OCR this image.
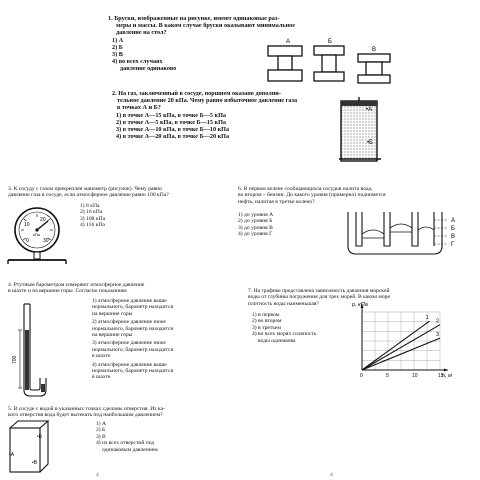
1. Бруски, изображенные на рисунке, имеют одинаковые раз-
меры и массы. В каком случае бруски оказывают минимальное
давление на стол?
1) А
2) Б
3) В
4) во всех случаях
давление одинаково
А	Б
В
2. На газ, заключенный в сосуде, поршнем оказано дополни-
тельное давление 20 кПа. Чему равно избыточное давление газа
в точках А и Б?
1) в точке А—15 кПа, в точке Б—5 кПа
2) в точке А—5 кПа, в точке Б—15 кПа
3) в точке А—10 кПа, в точке Б—10 кПа
4) в точке А—20 кПа, в точке Б—20 кПа
•А
•Б
3. К сосуду с газом прикреплен манометр (рисунок). Чему равно
давление газа в сосуде, если атмосферное давление равно 100 кПа?
1) 8 кПа
2) 16 кПа
3) 108 кПа
4) 116 кПа
10
20
0	30
кПа
6. В первом колене сообщающихся сосудов налита вода,
во втором – бензин. До какого уровня (примерно) поднимется
нефть, налитая в третье колено?
1) до уровня А
2) до уровня Б
3) до уровня В
4) до уровня Г
А
Б
В
Г
4. Ртутным барометром измеряют атмосферное давление
в шахте и на вершине горы. Согласно показаниям
1) атмосферное давление выше
нормального, барометр находится
на вершине горы
2) атмосферное давление ниже
нормального, барометр находится
на вершине горы
3) атмосферное давление ниже
нормального, барометр находится
в шахте
4) атмосферное давление выше
нормального, барометр находится
в шахте
700
7. На графике представлена зависимость давления морской
воды от глубины погружения для трех морей. В каком море
плотность воды наименьшая?
1) в первом
2) во втором
3) в третьем
4) во всех морях соленость
воды одинакова
1
2
3
0	5	10	15
p, кПа
h, м
5. В сосуде с водой в указанных точках сделаны отверстия. Из ка-
кого отверстия вода будет вытекать под наибольшим давлением?
1) А
2) Б
3) В
4) из всех отверстий под
одинаковым давлением
•А
•Б
•В
4	4
